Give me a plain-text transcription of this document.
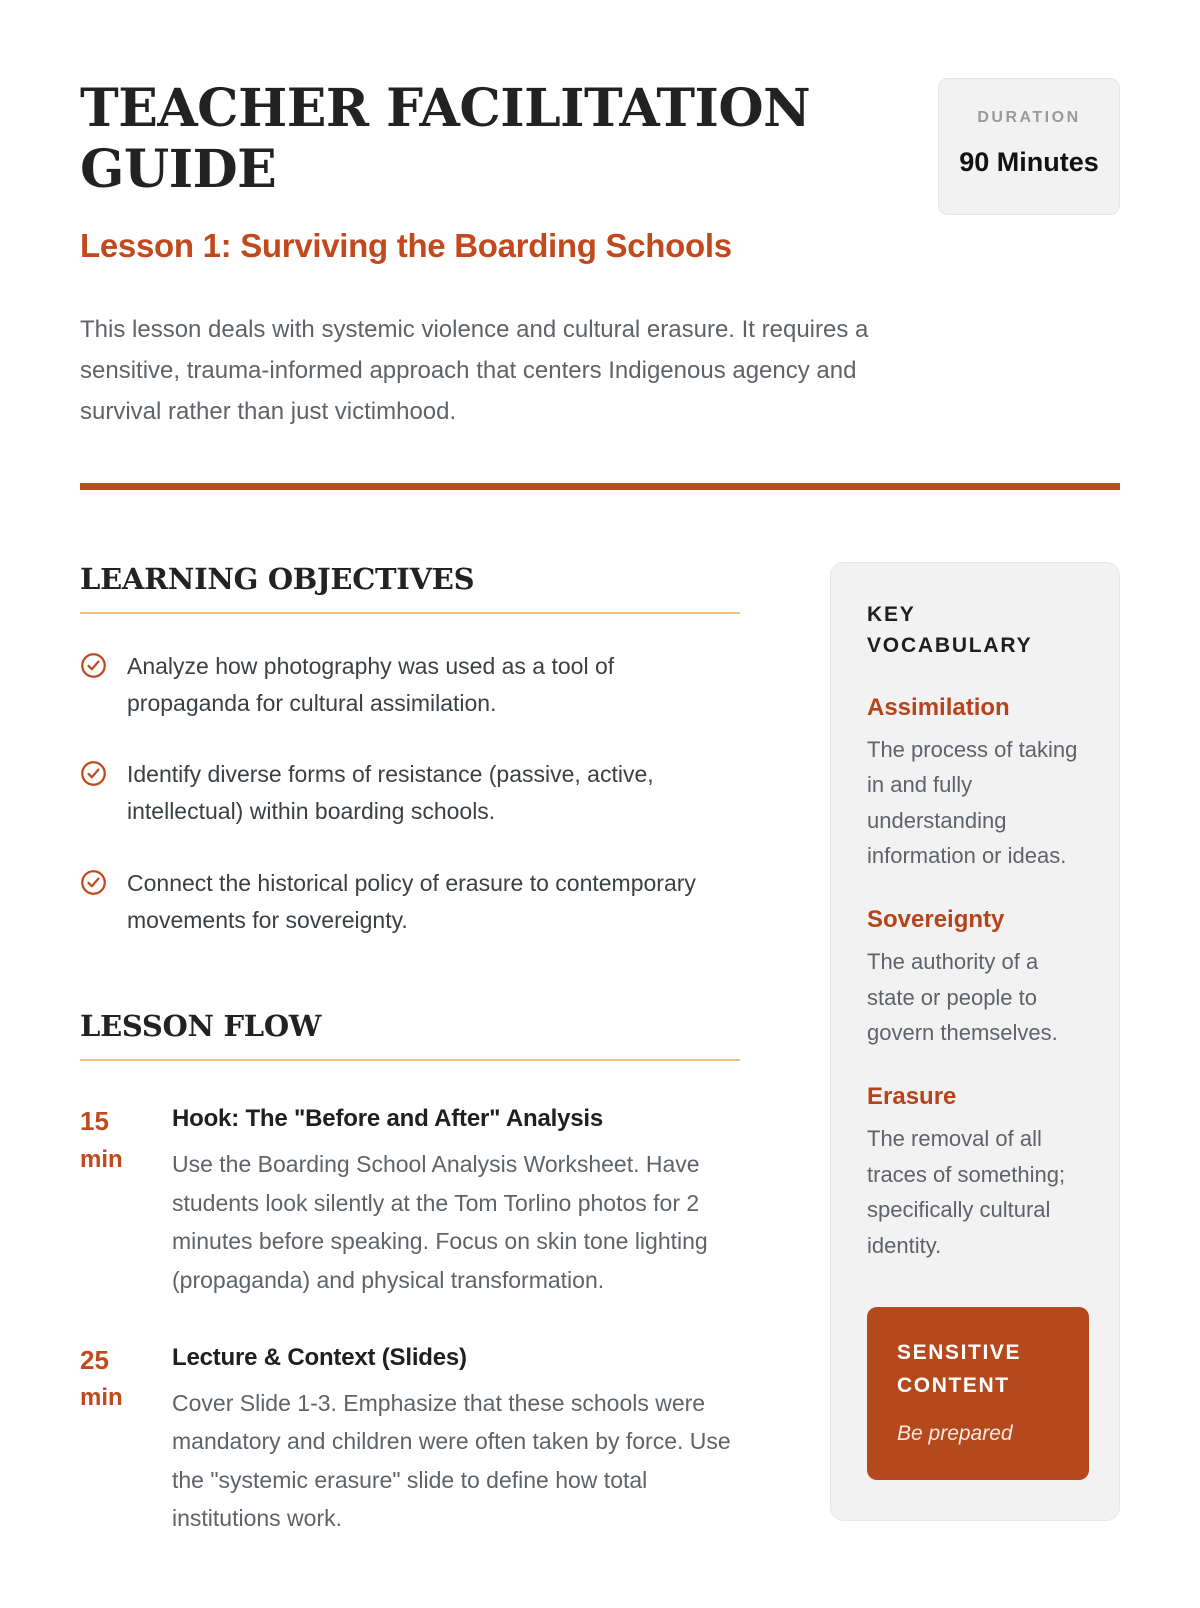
TEACHER FACILITATION GUIDE
Lesson 1: Surviving the Boarding Schools
DURATION
90 Minutes

This lesson deals with systemic violence and cultural erasure. It requires a sensitive, trauma-informed approach that centers Indigenous agency and survival rather than just victimhood.

LEARNING OBJECTIVES
Analyze how photography was used as a tool of propaganda for cultural assimilation.
Identify diverse forms of resistance (passive, active, intellectual) within boarding schools.
Connect the historical policy of erasure to contemporary movements for sovereignty.
LESSON FLOW
15
min
Hook: The "Before and After" Analysis
Use the Boarding School Analysis Worksheet. Have students look silently at the Tom Torlino photos for 2 minutes before speaking. Focus on skin tone lighting (propaganda) and physical transformation.
25
min
Lecture & Context (Slides)
Cover Slide 1-3. Emphasize that these schools were mandatory and children were often taken by force. Use the "systemic erasure" slide to define how total institutions work.
KEY VOCABULARY
Assimilation
The process of taking in and fully understanding information or ideas.
Sovereignty
The authority of a state or people to govern themselves.
Erasure
The removal of all traces of something; specifically cultural identity.
SENSITIVE CONTENT
Be prepared
